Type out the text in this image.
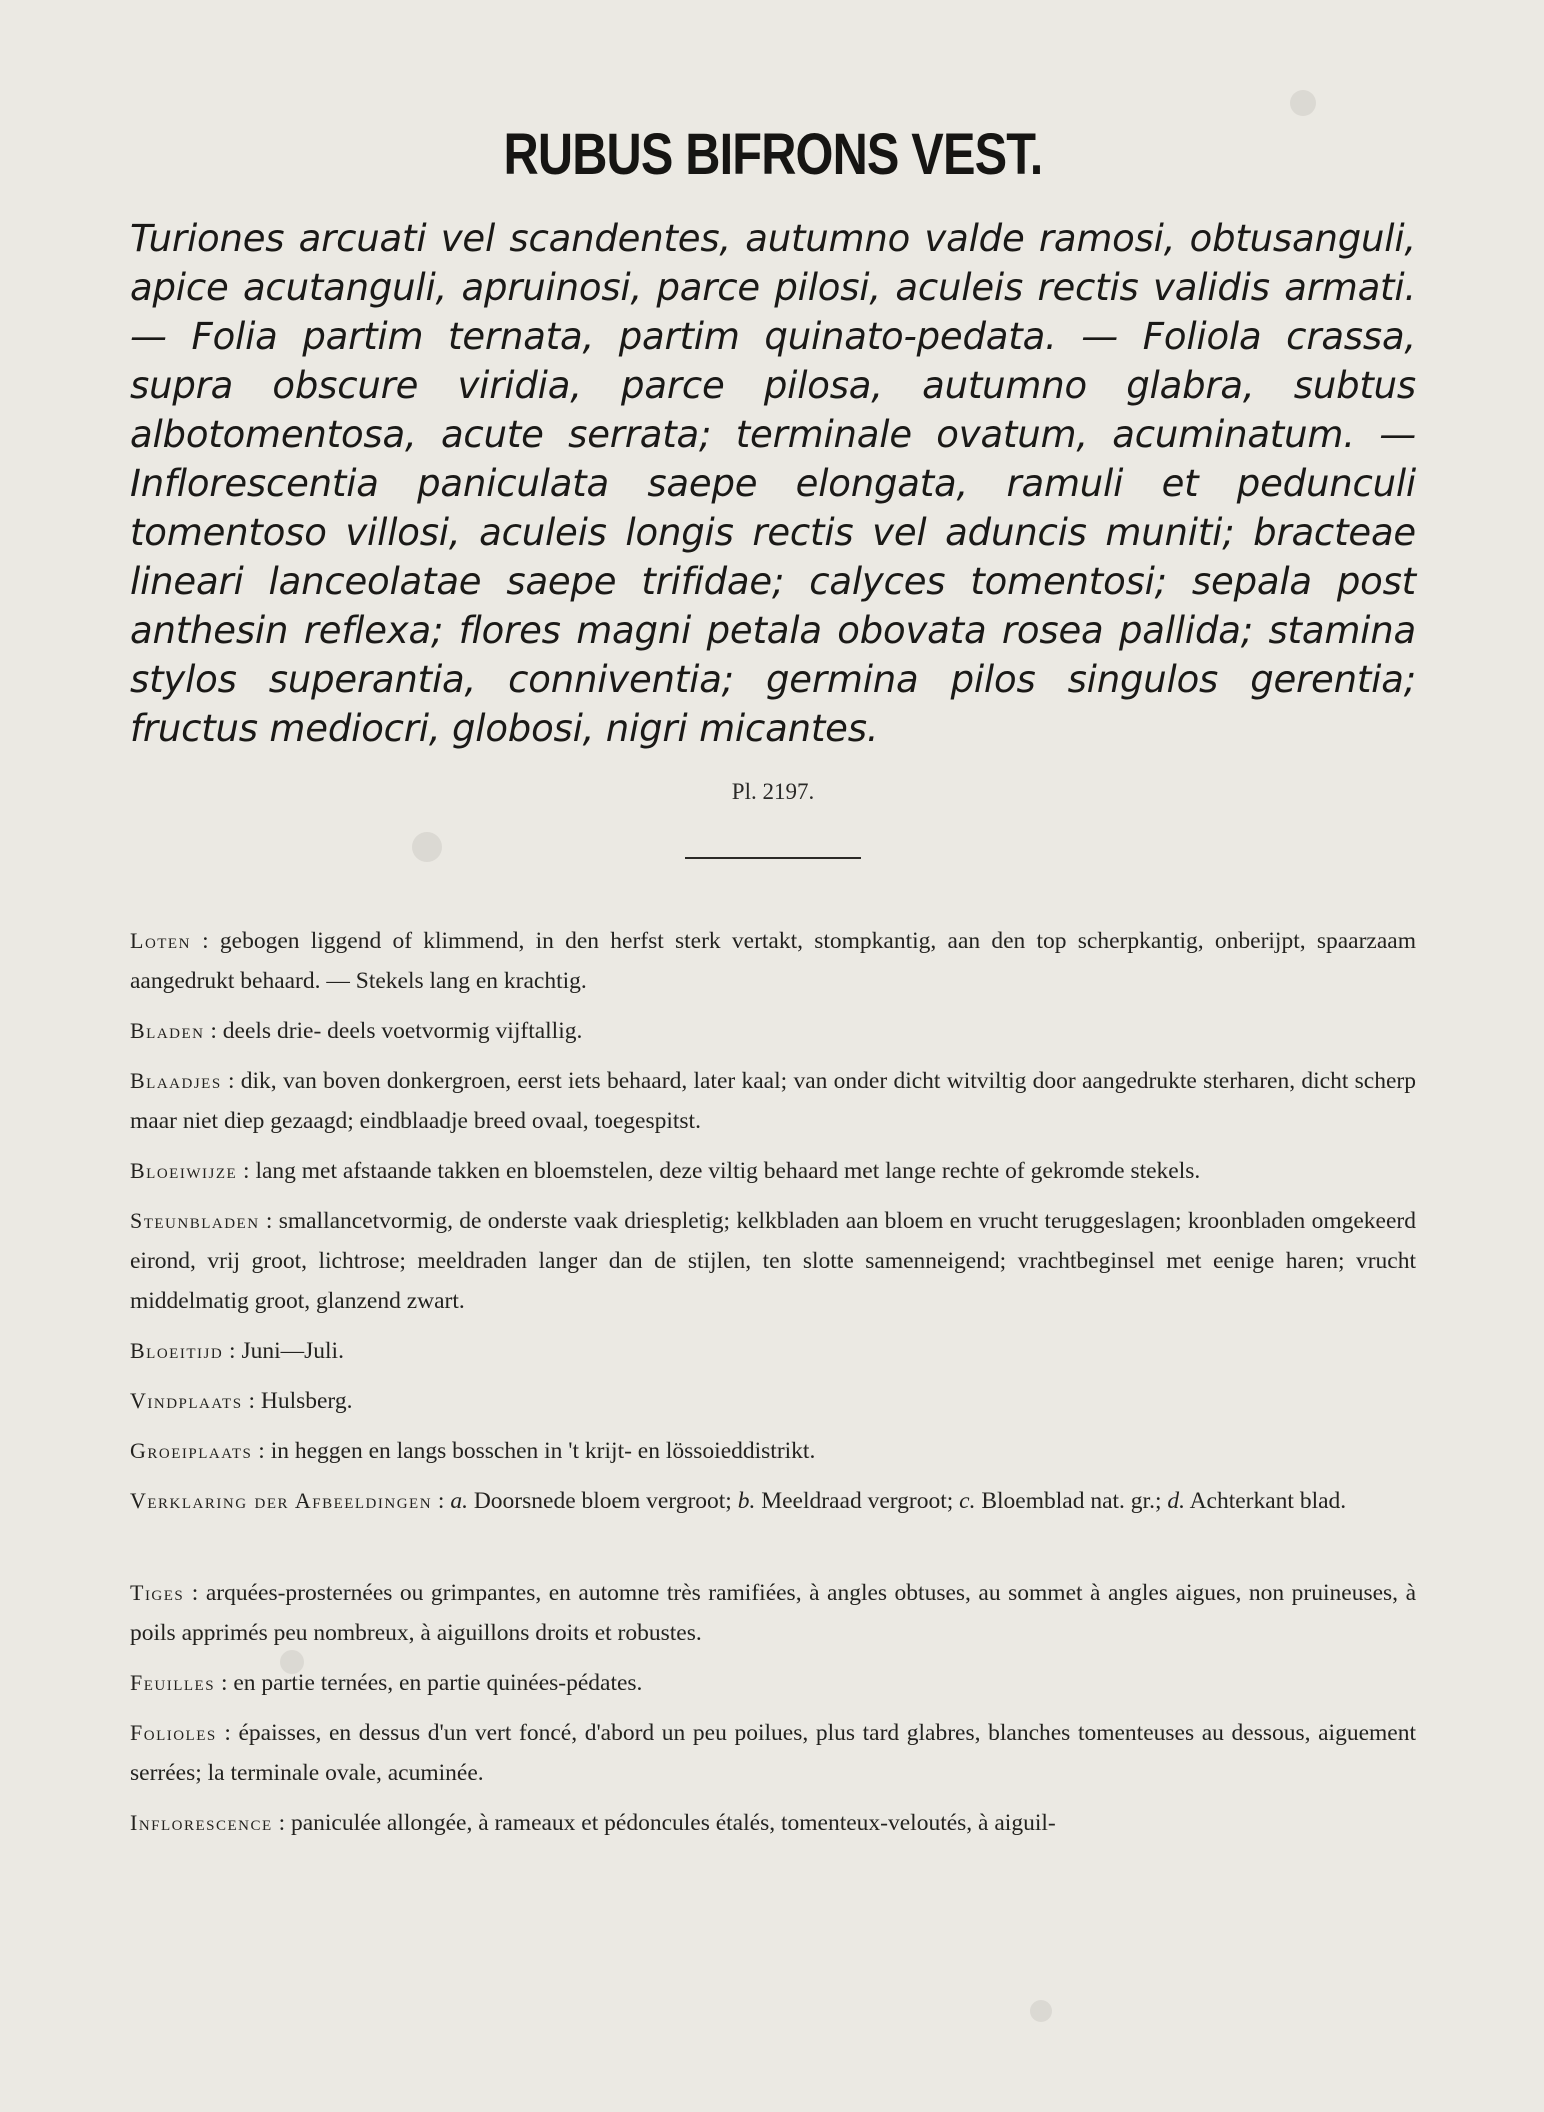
RUBUS BIFRONS VEST.

Turiones arcuati vel scandentes, autumno valde ramosi, obtusanguli, apice acutanguli, apruinosi, parce pilosi, aculeis rectis validis armati. — Folia partim ternata, partim quinato-pedata. — Foliola crassa, supra obscure viridia, parce pilosa, autumno glabra, subtus albotomentosa, acute serrata; terminale ovatum, acuminatum. — Inflorescentia paniculata saepe elongata, ramuli et pedunculi tomentoso villosi, aculeis longis rectis vel aduncis muniti; bracteae lineari lanceolatae saepe trifidae; calyces tomentosi; sepala post anthesin reflexa; flores magni petala obovata rosea pallida; stamina stylos superantia, conniventia; germina pilos singulos gerentia; fructus mediocri, globosi, nigri micantes.

Pl. 2197.

Loten : gebogen liggend of klimmend, in den herfst sterk vertakt, stompkantig, aan den top scherpkantig, onberijpt, spaarzaam aangedrukt behaard. — Stekels lang en krachtig.

Bladen : deels drie- deels voetvormig vijftallig.

Blaadjes : dik, van boven donkergroen, eerst iets behaard, later kaal; van onder dicht witviltig door aangedrukte sterharen, dicht scherp maar niet diep gezaagd; eindblaadje breed ovaal, toegespitst.

Bloeiwijze : lang met afstaande takken en bloemstelen, deze viltig behaard met lange rechte of gekromde stekels.

Steunbladen : smallancetvormig, de onderste vaak driespletig; kelkbladen aan bloem en vrucht teruggeslagen; kroonbladen omgekeerd eirond, vrij groot, lichtrose; meeldraden langer dan de stijlen, ten slotte samenneigend; vrachtbeginsel met eenige haren; vrucht middelmatig groot, glanzend zwart.

Bloeitijd : Juni—Juli.

Vindplaats : Hulsberg.

Groeiplaats : in heggen en langs bosschen in 't krijt- en lössoieddistrikt.

Verklaring der Afbeeldingen : a. Doorsnede bloem vergroot; b. Meeldraad vergroot; c. Bloemblad nat. gr.; d. Achterkant blad.

Tiges : arquées-prosternées ou grimpantes, en automne très ramifiées, à angles obtuses, au sommet à angles aigues, non pruineuses, à poils apprimés peu nombreux, à aiguillons droits et robustes.

Feuilles : en partie ternées, en partie quinées-pédates.

Folioles : épaisses, en dessus d'un vert foncé, d'abord un peu poilues, plus tard glabres, blanches tomenteuses au dessous, aiguement serrées; la terminale ovale, acuminée.

Inflorescence : paniculée allongée, à rameaux et pédoncules étalés, tomenteux-veloutés, à aiguil-
